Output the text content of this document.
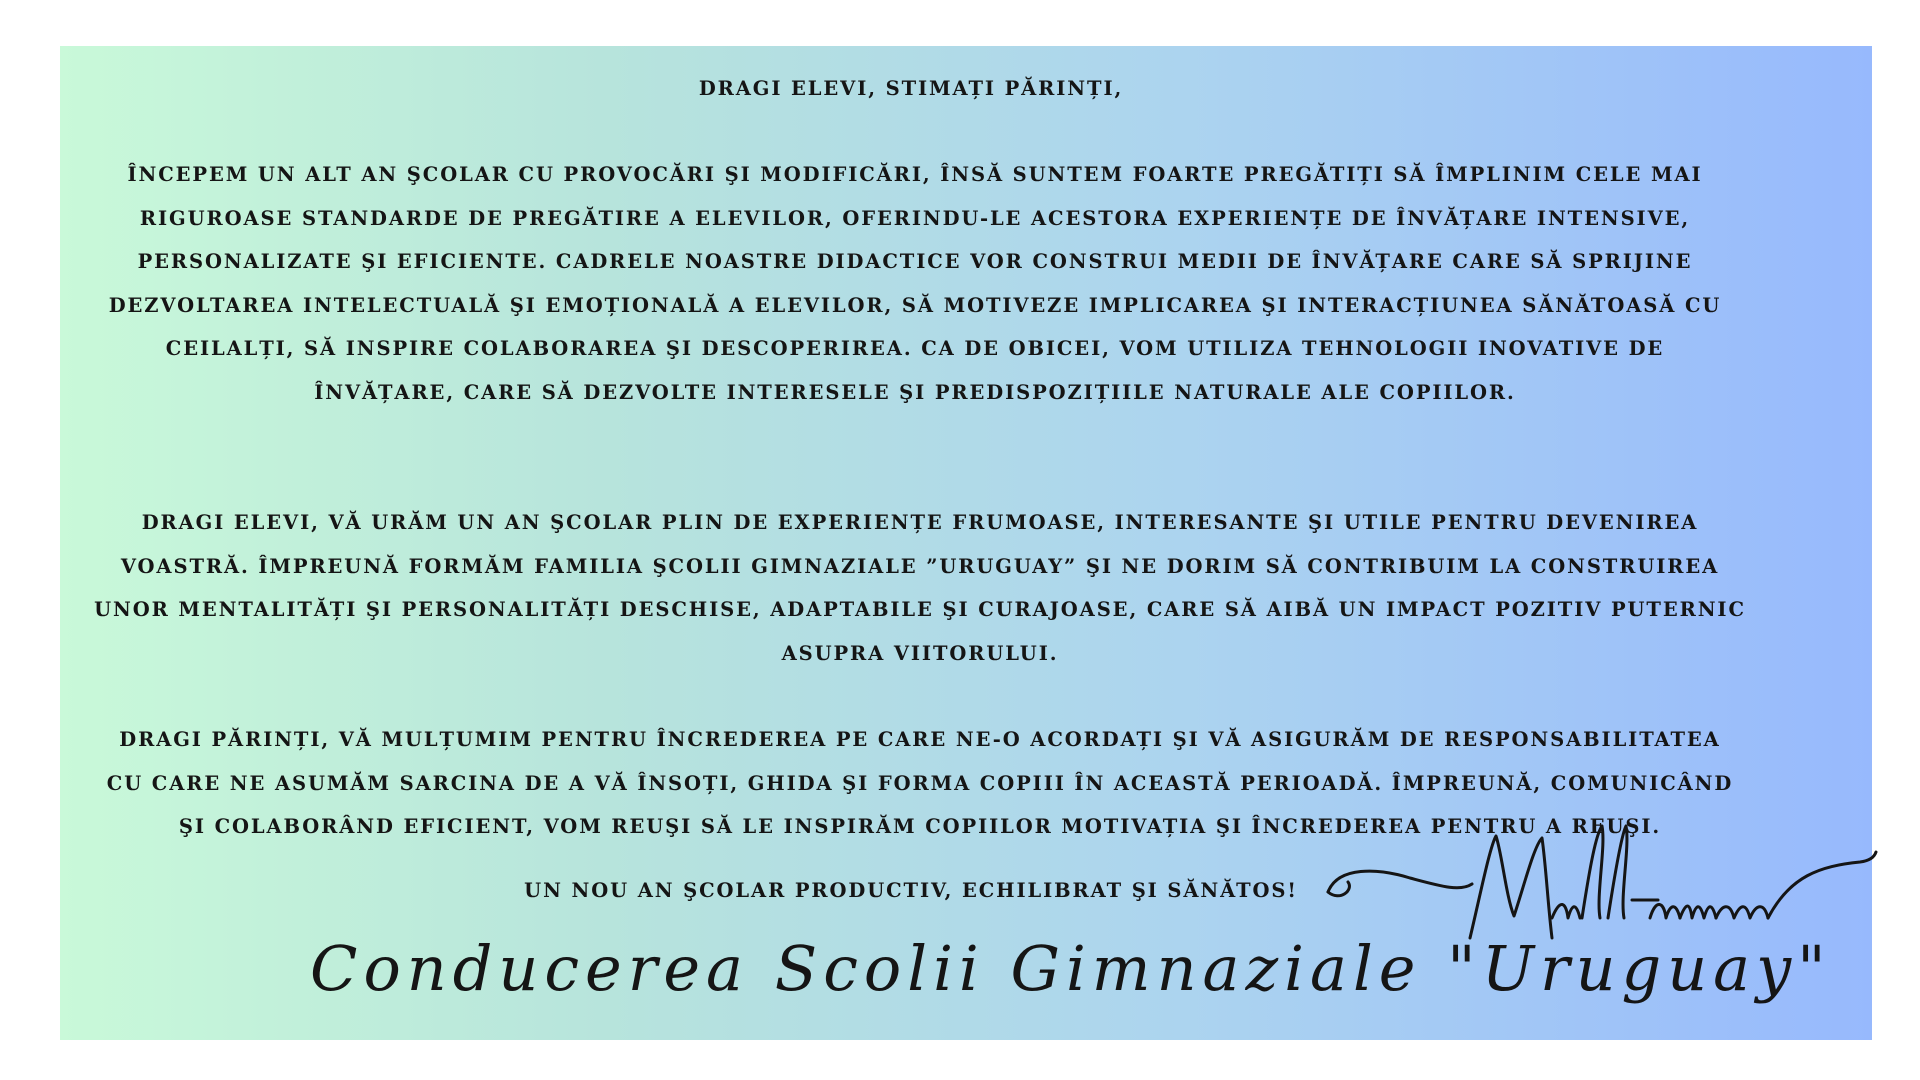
DRAGI ELEVI, STIMAȚI PĂRINȚI,
ÎNCEPEM UN ALT AN ŞCOLAR CU PROVOCĂRI ŞI MODIFICĂRI, ÎNSĂ SUNTEM FOARTE PREGĂTIȚI SĂ ÎMPLINIM CELE MAI RIGUROASE STANDARDE DE PREGĂTIRE A ELEVILOR, OFERINDU-LE ACESTORA EXPERIENȚE DE ÎNVĂȚARE INTENSIVE, PERSONALIZATE ŞI EFICIENTE. CADRELE NOASTRE DIDACTICE VOR CONSTRUI MEDII DE ÎNVĂȚARE CARE SĂ SPRIJINE DEZVOLTAREA INTELECTUALĂ ŞI EMOȚIONALĂ A ELEVILOR, SĂ MOTIVEZE IMPLICAREA ŞI INTERACȚIUNEA SĂNĂTOASĂ CU CEILALȚI, SĂ INSPIRE COLABORAREA ŞI DESCOPERIREA. CA DE OBICEI, VOM UTILIZA TEHNOLOGII INOVATIVE DE ÎNVĂȚARE, CARE SĂ DEZVOLTE INTERESELE ŞI PREDISPOZIȚIILE NATURALE ALE COPIILOR.
DRAGI ELEVI, VĂ URĂM UN AN ŞCOLAR PLIN DE EXPERIENȚE FRUMOASE, INTERESANTE ŞI UTILE PENTRU DEVENIREA VOASTRĂ. ÎMPREUNĂ FORMĂM FAMILIA ŞCOLII GIMNAZIALE ”URUGUAY” ŞI NE DORIM SĂ CONTRIBUIM LA CONSTRUIREA UNOR MENTALITĂȚI ŞI PERSONALITĂȚI DESCHISE, ADAPTABILE ŞI CURAJOASE, CARE SĂ AIBĂ UN IMPACT POZITIV PUTERNIC ASUPRA VIITORULUI.
DRAGI PĂRINȚI, VĂ MULȚUMIM PENTRU ÎNCREDEREA PE CARE NE-O ACORDAȚI ŞI VĂ ASIGURĂM DE RESPONSABILITATEA CU CARE NE ASUMĂM SARCINA DE A VĂ ÎNSOȚI, GHIDA ŞI FORMA COPIII ÎN ACEASTĂ PERIOADĂ. ÎMPREUNĂ, COMUNICÂND ŞI COLABORÂND EFICIENT, VOM REUŞI SĂ LE INSPIRĂM COPIILOR MOTIVAȚIA ŞI ÎNCREDEREA PENTRU A REUŞI.
UN NOU AN ŞCOLAR PRODUCTIV, ECHILIBRAT ŞI SĂNĂTOS!
Conducerea Scolii Gimnaziale "Uruguay"
